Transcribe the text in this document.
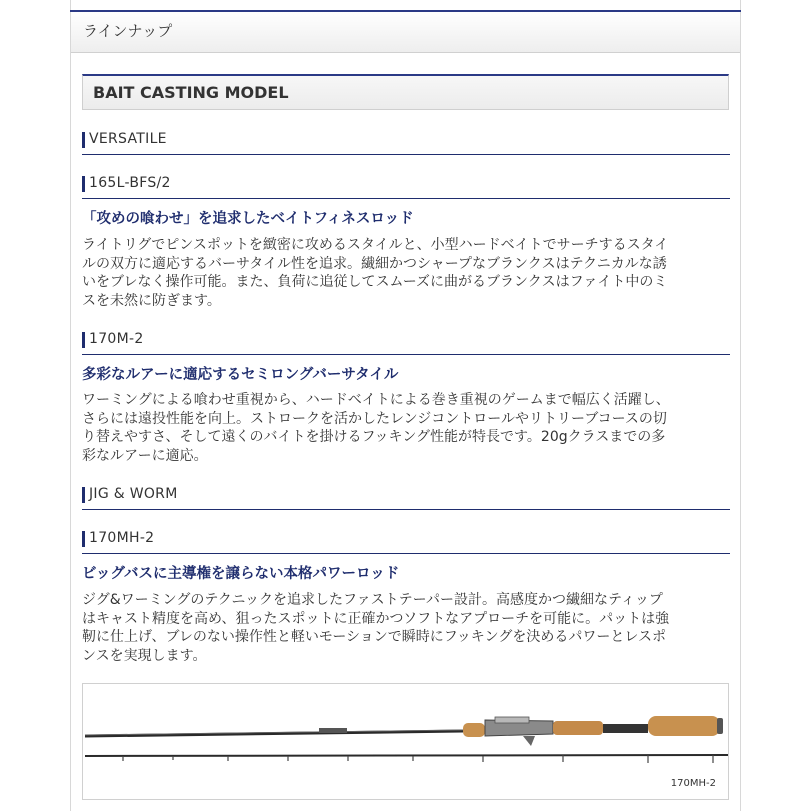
ラインナップ
BAIT CASTING MODEL
VERSATILE
165L-BFS/2
「攻めの喰わせ」を追求したベイトフィネスロッド
ライトリグでピンスポットを緻密に攻めるスタイルと、小型ハードベイトでサーチするスタイ
ルの双方に適応するバーサタイル性を追求。繊細かつシャープなブランクスはテクニカルな誘
いをブレなく操作可能。また、負荷に追従してスムーズに曲がるブランクスはファイト中のミ
スを未然に防ぎます。
170M-2
多彩なルアーに適応するセミロングバーサタイル
ワーミングによる喰わせ重視から、ハードベイトによる巻き重視のゲームまで幅広く活躍し、
さらには遠投性能を向上。ストロークを活かしたレンジコントロールやリトリーブコースの切
り替えやすさ、そして遠くのバイトを掛けるフッキング性能が特長です。20gクラスまでの多
彩なルアーに適応。
JIG & WORM
170MH-2
ビッグバスに主導権を譲らない本格パワーロッド
ジグ&ワーミングのテクニックを追求したファストテーパー設計。高感度かつ繊細なティップ
はキャスト精度を高め、狙ったスポットに正確かつソフトなアプローチを可能に。パットは強
靭に仕上げ、ブレのない操作性と軽いモーションで瞬時にフッキングを決めるパワーとレスポ
ンスを実現します。
170MH-2
